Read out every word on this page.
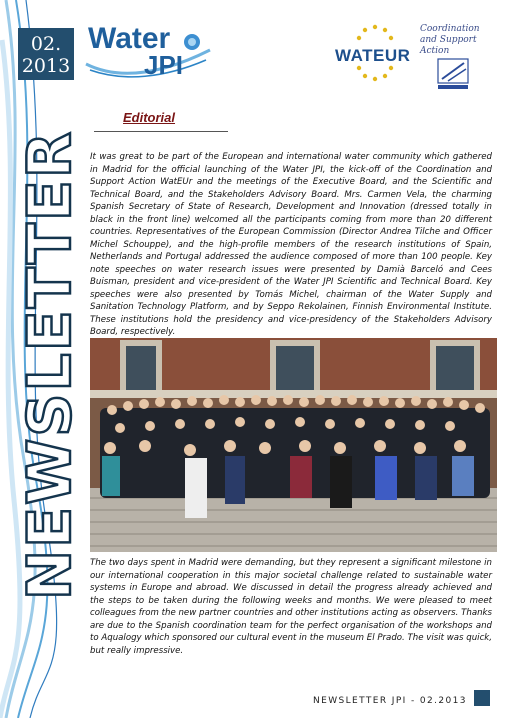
02.
2013
NEWSLETTER
Water
JPI	WATEUR
Coordination
and Support Action
Editorial

It was great to be part of the European and international water community which gathered in Madrid for the official launching of the Water JPI, the kick-off of the Coordination and Support Action WatEUr and the meetings of the Executive Board, and the Scientific and Technical Board, and the Stakeholders Advisory Board. Mrs. Carmen Vela, the charming Spanish Secretary of State of Research, Development and Innovation (dressed totally in black in the front line) welcomed all the participants coming from more than 20 different countries. Representatives of the European Commission (Director Andrea Tilche and Officer Michel Schouppe), and the high-profile members of the research institutions of Spain, Netherlands and Portugal addressed the audience composed of more than 100 people. Key note speeches on water research issues were presented by Damià Barceló and Cees Buisman, president and vice-president of the Water JPI Scientific and Technical Board. Key speeches were also presented by Tomás Michel, chairman of the Water Supply and Sanitation Technology Platform, and by Seppo Rekolainen, Finnish Environmental Institute. These institutions hold the presidency and vice-presidency of the Stakeholders Advisory Board, respectively.

The two days spent in Madrid were demanding, but they represent a significant milestone in our international cooperation in this major societal challenge related to sustainable water systems in Europe and abroad. We discussed in detail the progress already achieved and the steps to be taken during the following weeks and months. We were pleased to meet colleagues from the new partner countries and other institutions acting as observers. Thanks are due to the Spanish coordination team for the perfect organisation of the workshops and to Aqualogy which sponsored our cultural event in the museum El Prado. The visit was quick, but really impressive.

NEWSLETTER JPI - 02.2013
